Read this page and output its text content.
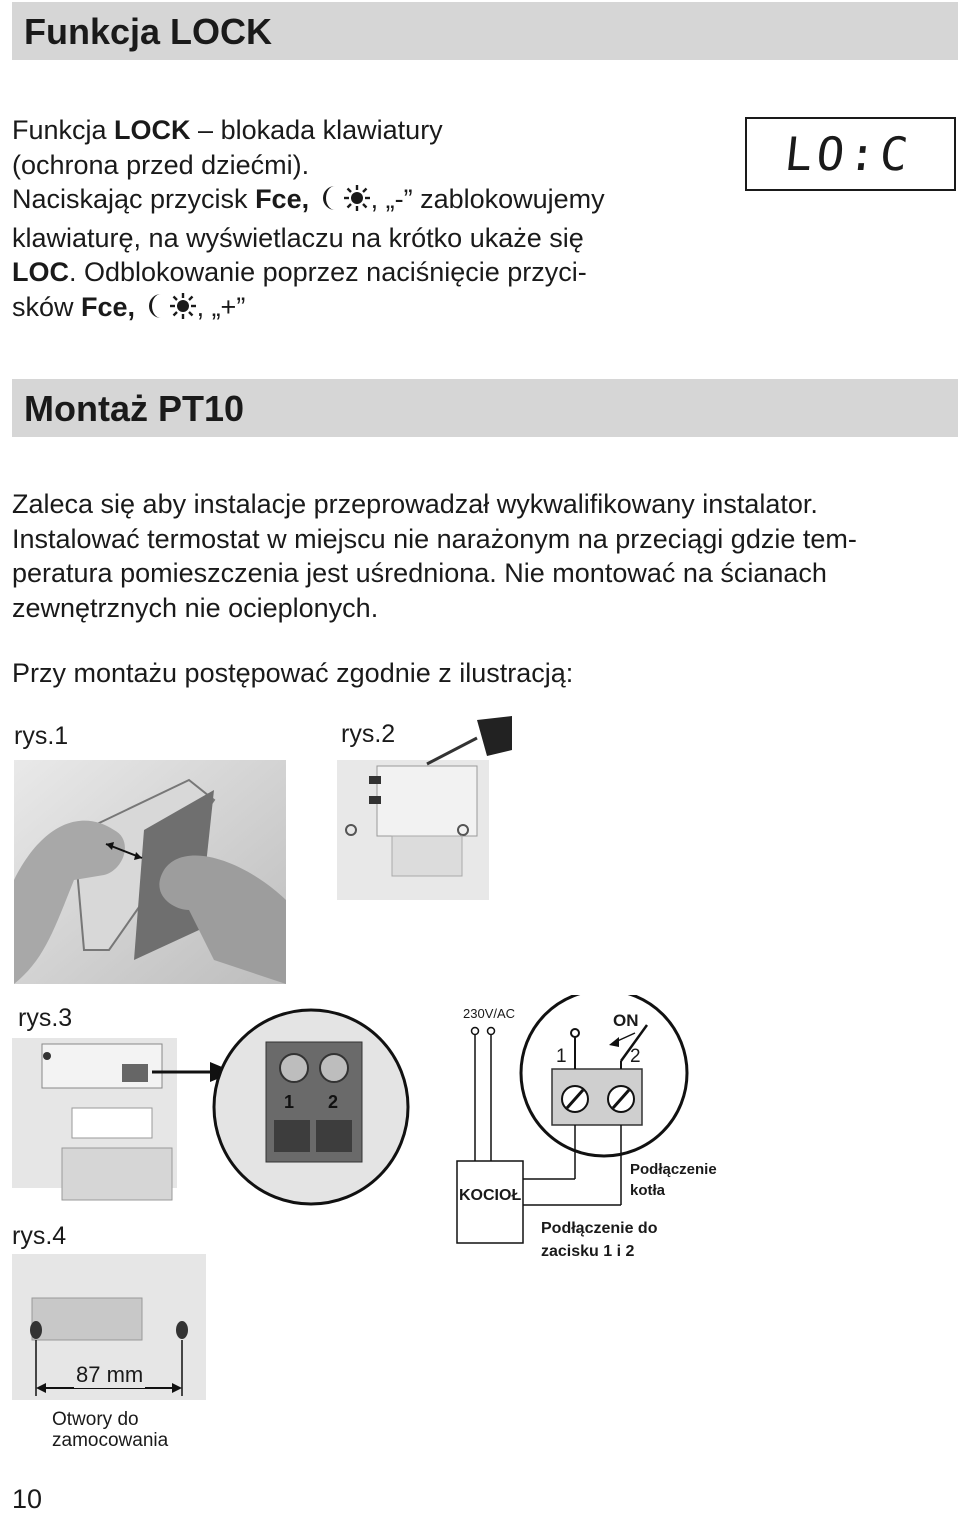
Funkcja LOCK

Funkcja LOCK – blokada klawiatury

(ochrona przed dziećmi).

Naciskając przycisk Fce, , „-” zablokowujemy

klawiaturę, na wyświetlaczu na krótko ukaże się

LOC. Odblokowanie poprzez naciśnięcie przyci-

sków Fce, , „+”

LO:C
Montaż PT10

Zaleca się aby instalacje przeprowadzał wykwalifikowany instalator.

Instalować termostat w miejscu nie narażonym na przeciągi gdzie tem-

peratura pomieszczenia jest uśredniona. Nie montować na ścianach

zewnętrznych nie ocieplonych.

Przy montażu postępować zgodnie z ilustracją:

rys.1	rys.2
rys.3
rys.4
1 2
87 mm
Otwory do
zamocowania
230V/AC	ON
1	2
KOCIOŁ
Podłączenie
kotła
Podłączenie do
zacisku 1 i 2
10
